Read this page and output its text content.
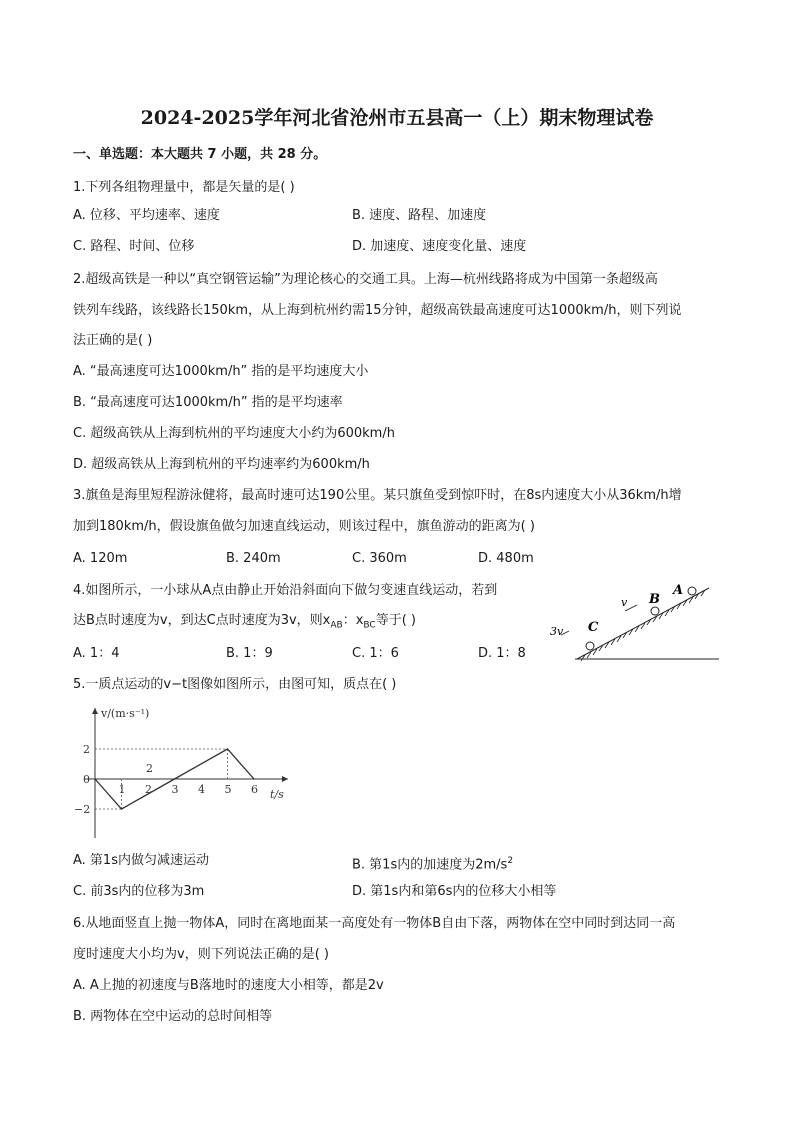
2024-2025学年河北省沧州市五县高一（上）期末物理试卷
一、单选题：本大题共 7 小题，共 28 分。
1.下列各组物理量中，都是矢量的是( )
A. 位移、平均速率、速度	B. 速度、路程、加速度
C. 路程、时间、位移	D. 加速度、速度变化量、速度
2.超级高铁是一种以“真空钢管运输”为理论核心的交通工具。上海—杭州线路将成为中国第一条超级高
铁列车线路，该线路长150km，从上海到杭州约需15分钟，超级高铁最高速度可达1000km/h，则下列说
法正确的是( )
A. “最高速度可达1000km/h” 指的是平均速度大小
B. “最高速度可达1000km/h” 指的是平均速率
C. 超级高铁从上海到杭州的平均速度大小约为600km/h
D. 超级高铁从上海到杭州的平均速率约为600km/h
3.旗鱼是海里短程游泳健将，最高时速可达190公里。某只旗鱼受到惊吓时，在8s内速度大小从36km/h增
加到180km/h，假设旗鱼做匀加速直线运动，则该过程中，旗鱼游动的距离为( )
A. 120m	B. 240m	C. 360m	D. 480m
4.如图所示，一小球从A点由静止开始沿斜面向下做匀变速直线运动，若到
达B点时速度为v，到达C点时速度为3v，则$x_{AB}$：$x_{BC}$等于( )
A. 1：4	B. 1：9	C. 1：6	D. 1：8
A
B
C
v
3v
5.一质点运动的v−t图像如图所示，由图可知，质点在( )
v/(m·s⁻¹)
t/s
2
1 2 3 4 5 6
2
0
−2
A. 第1s内做匀减速运动	B. 第1s内的加速度为$2m/s^2$
C. 前3s内的位移为3m	D. 第1s内和第6s内的位移大小相等
6.从地面竖直上抛一物体A，同时在离地面某一高度处有一物体B自由下落，两物体在空中同时到达同一高
度时速度大小均为v，则下列说法正确的是( )
A. A上抛的初速度与B落地时的速度大小相等，都是2v
B. 两物体在空中运动的总时间相等
